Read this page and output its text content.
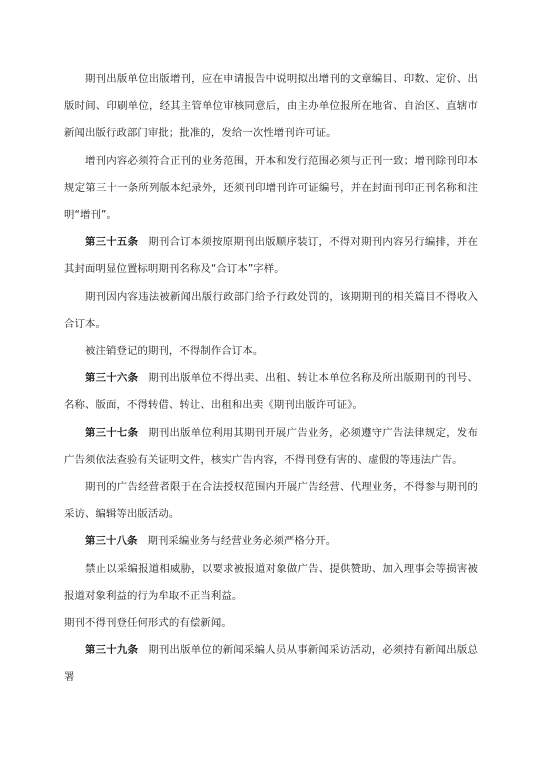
期刊出版单位出版增刊，应在申请报告中说明拟出增刊的文章编目、印数、定价、出版时间、印刷单位，经其主管单位审核同意后，由主办单位报所在地省、自治区、直辖市新闻出版行政部门审批；批准的，发给一次性增刊许可证。

增刊内容必须符合正刊的业务范围，开本和发行范围必须与正刊一致；增刊除刊印本规定第三十一条所列版本纪录外，还须刊印增刊许可证编号，并在封面刊印正刊名称和注明“增刊”。

第三十五条 期刊合订本须按原期刊出版顺序装订，不得对期刊内容另行编排，并在其封面明显位置标明期刊名称及“合订本”字样。

期刊因内容违法被新闻出版行政部门给予行政处罚的，该期期刊的相关篇目不得收入合订本。

被注销登记的期刊，不得制作合订本。

第三十六条 期刊出版单位不得出卖、出租、转让本单位名称及所出版期刊的刊号、名称、版面，不得转借、转让、出租和出卖《期刊出版许可证》。

第三十七条 期刊出版单位利用其期刊开展广告业务，必须遵守广告法律规定，发布广告须依法查验有关证明文件，核实广告内容，不得刊登有害的、虚假的等违法广告。

期刊的广告经营者限于在合法授权范围内开展广告经营、代理业务，不得参与期刊的采访、编辑等出版活动。

第三十八条 期刊采编业务与经营业务必须严格分开。

禁止以采编报道相威胁，以要求被报道对象做广告、提供赞助、加入理事会等损害被报道对象利益的行为牟取不正当利益。

期刊不得刊登任何形式的有偿新闻。

第三十九条 期刊出版单位的新闻采编人员从事新闻采访活动，必须持有新闻出版总署
